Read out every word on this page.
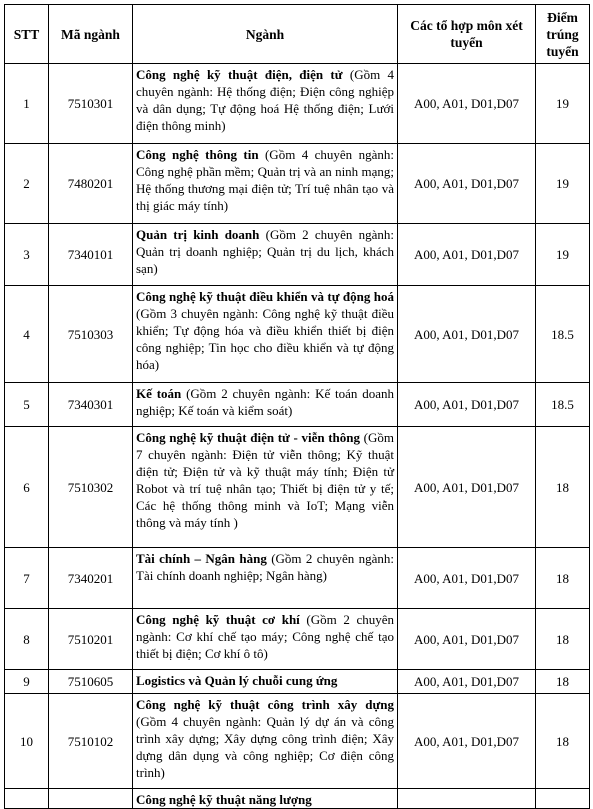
STT	Mã ngành	Ngành	Các tổ hợp môn xét tuyển	Điểm trúng tuyển
1	7510301	Công nghệ kỹ thuật điện, điện tử (Gồm 4 chuyên ngành: Hệ thống điện; Điện công nghiệp và dân dụng; Tự động hoá Hệ thống điện; Lưới điện thông minh)	A00, A01, D01,D07	19
2	7480201	Công nghệ thông tin (Gồm 4 chuyên ngành: Công nghệ phần mềm; Quản trị và an ninh mạng; Hệ thống thương mại điện tử; Trí tuệ nhân tạo và thị giác máy tính)	A00, A01, D01,D07	19
3	7340101	Quản trị kinh doanh (Gồm 2 chuyên ngành: Quản trị doanh nghiệp; Quản trị du lịch, khách sạn)	A00, A01, D01,D07	19
4	7510303	Công nghệ kỹ thuật điều khiển và tự động hoá (Gồm 3 chuyên ngành: Công nghệ kỹ thuật điều khiển; Tự động hóa và điều khiển thiết bị điện công nghiệp; Tin học cho điều khiển và tự động hóa)	A00, A01, D01,D07	18.5
5	7340301	Kế toán (Gồm 2 chuyên ngành: Kế toán doanh nghiệp; Kế toán và kiểm soát)	A00, A01, D01,D07	18.5
6	7510302	Công nghệ kỹ thuật điện tử - viễn thông (Gồm 7 chuyên ngành: Điện tử viễn thông; Kỹ thuật điện tử; Điện tử và kỹ thuật máy tính; Điện tử Robot và trí tuệ nhân tạo; Thiết bị điện tử y tế; Các hệ thống thông minh và IoT; Mạng viễn thông và máy tính )	A00, A01, D01,D07	18
7	7340201	Tài chính – Ngân hàng (Gồm 2 chuyên ngành: Tài chính doanh nghiệp; Ngân hàng)	A00, A01, D01,D07	18
8	7510201	Công nghệ kỹ thuật cơ khí (Gồm 2 chuyên ngành: Cơ khí chế tạo máy; Công nghệ chế tạo thiết bị điện; Cơ khí ô tô)	A00, A01, D01,D07	18
9	7510605	Logistics và Quản lý chuỗi cung ứng	A00, A01, D01,D07	18
10	7510102	Công nghệ kỹ thuật công trình xây dựng (Gồm 4 chuyên ngành: Quản lý dự án và công trình xây dựng; Xây dựng công trình điện; Xây dựng dân dụng và công nghiệp; Cơ điện công trình)	A00, A01, D01,D07	18

		Công nghệ kỹ thuật năng lượng		
